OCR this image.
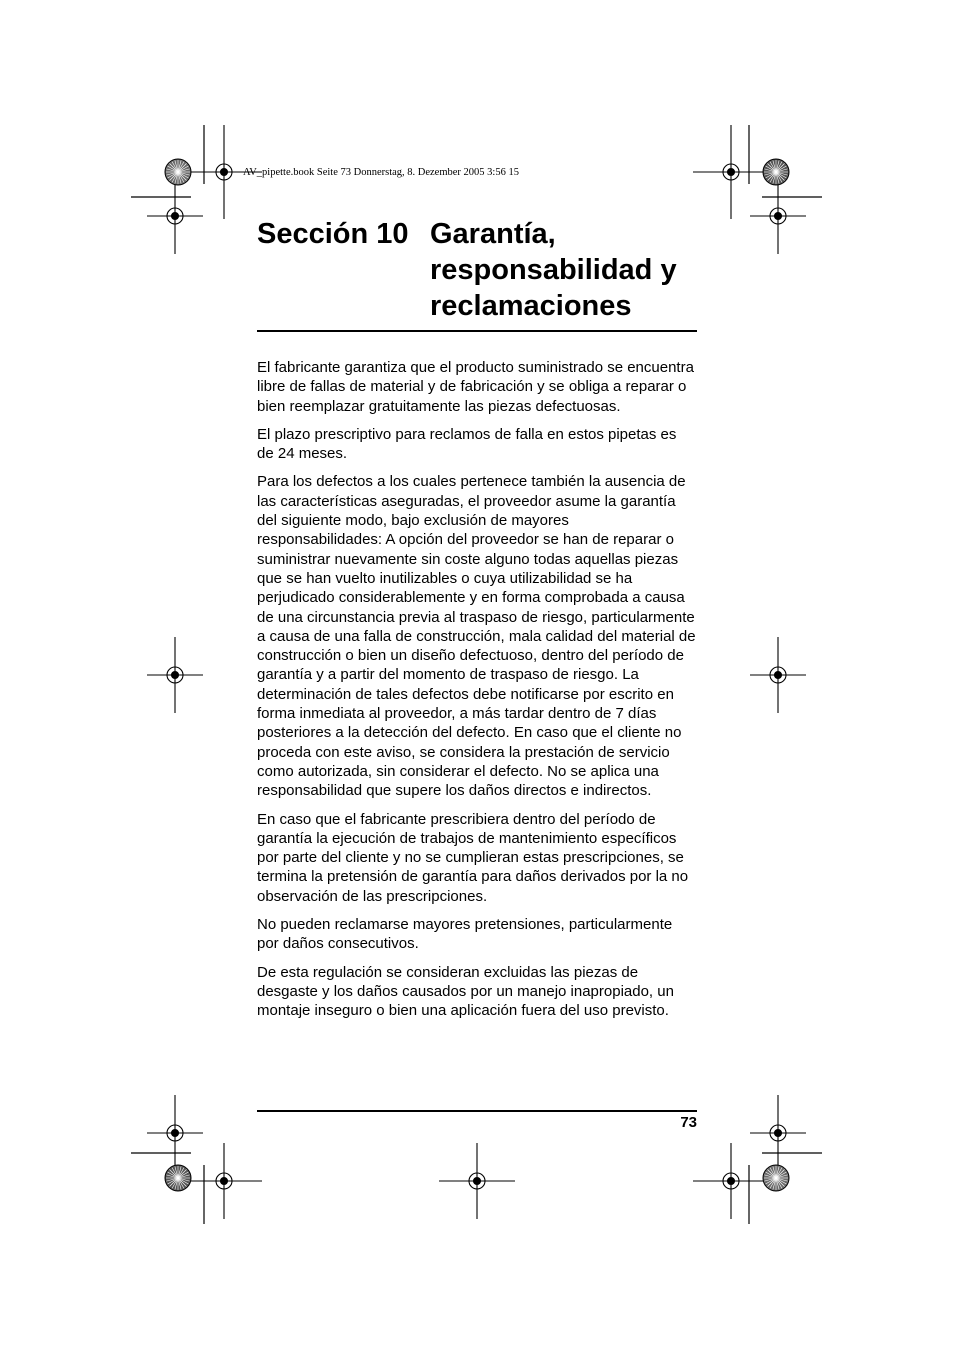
AV_pipette.book Seite 73 Donnerstag, 8. Dezember 2005 3:56 15
Sección 10 Garantía, responsabilidad y reclamaciones

El fabricante garantiza que el producto suministrado se encuentra libre de fallas de material y de fabricación y se obliga a reparar o bien reemplazar gratuitamente las piezas defectuosas.

El plazo prescriptivo para reclamos de falla en estos pipetas es de 24 meses.

Para los defectos a los cuales pertenece también la ausencia de las características aseguradas, el proveedor asume la garantía del siguiente modo, bajo exclusión de mayores responsabilidades: A opción del proveedor se han de reparar o suministrar nuevamente sin coste alguno todas aquellas piezas que se han vuelto inutilizables o cuya utilizabilidad se ha perjudicado considerablemente y en forma comprobada a causa de una circunstancia previa al traspaso de riesgo, particularmente a causa de una falla de construcción, mala calidad del material de construcción o bien un diseño defectuoso, dentro del período de garantía y a partir del momento de traspaso de riesgo. La determinación de tales defectos debe notificarse por escrito en forma inmediata al proveedor, a más tardar dentro de 7 días posteriores a la detección del defecto. En caso que el cliente no proceda con este aviso, se considera la prestación de servicio como autorizada, sin considerar el defecto. No se aplica una responsabilidad que supere los daños directos e indirectos.

En caso que el fabricante prescribiera dentro del período de garantía la ejecución de trabajos de mantenimiento específicos por parte del cliente y no se cumplieran estas prescripciones, se termina la pretensión de garantía para daños derivados por la no observación de las prescripciones.

No pueden reclamarse mayores pretensiones, particularmente por daños consecutivos.

De esta regulación se consideran excluidas las piezas de desgaste y los daños causados por un manejo inapropiado, un montaje inseguro o bien una aplicación fuera del uso previsto.

73
